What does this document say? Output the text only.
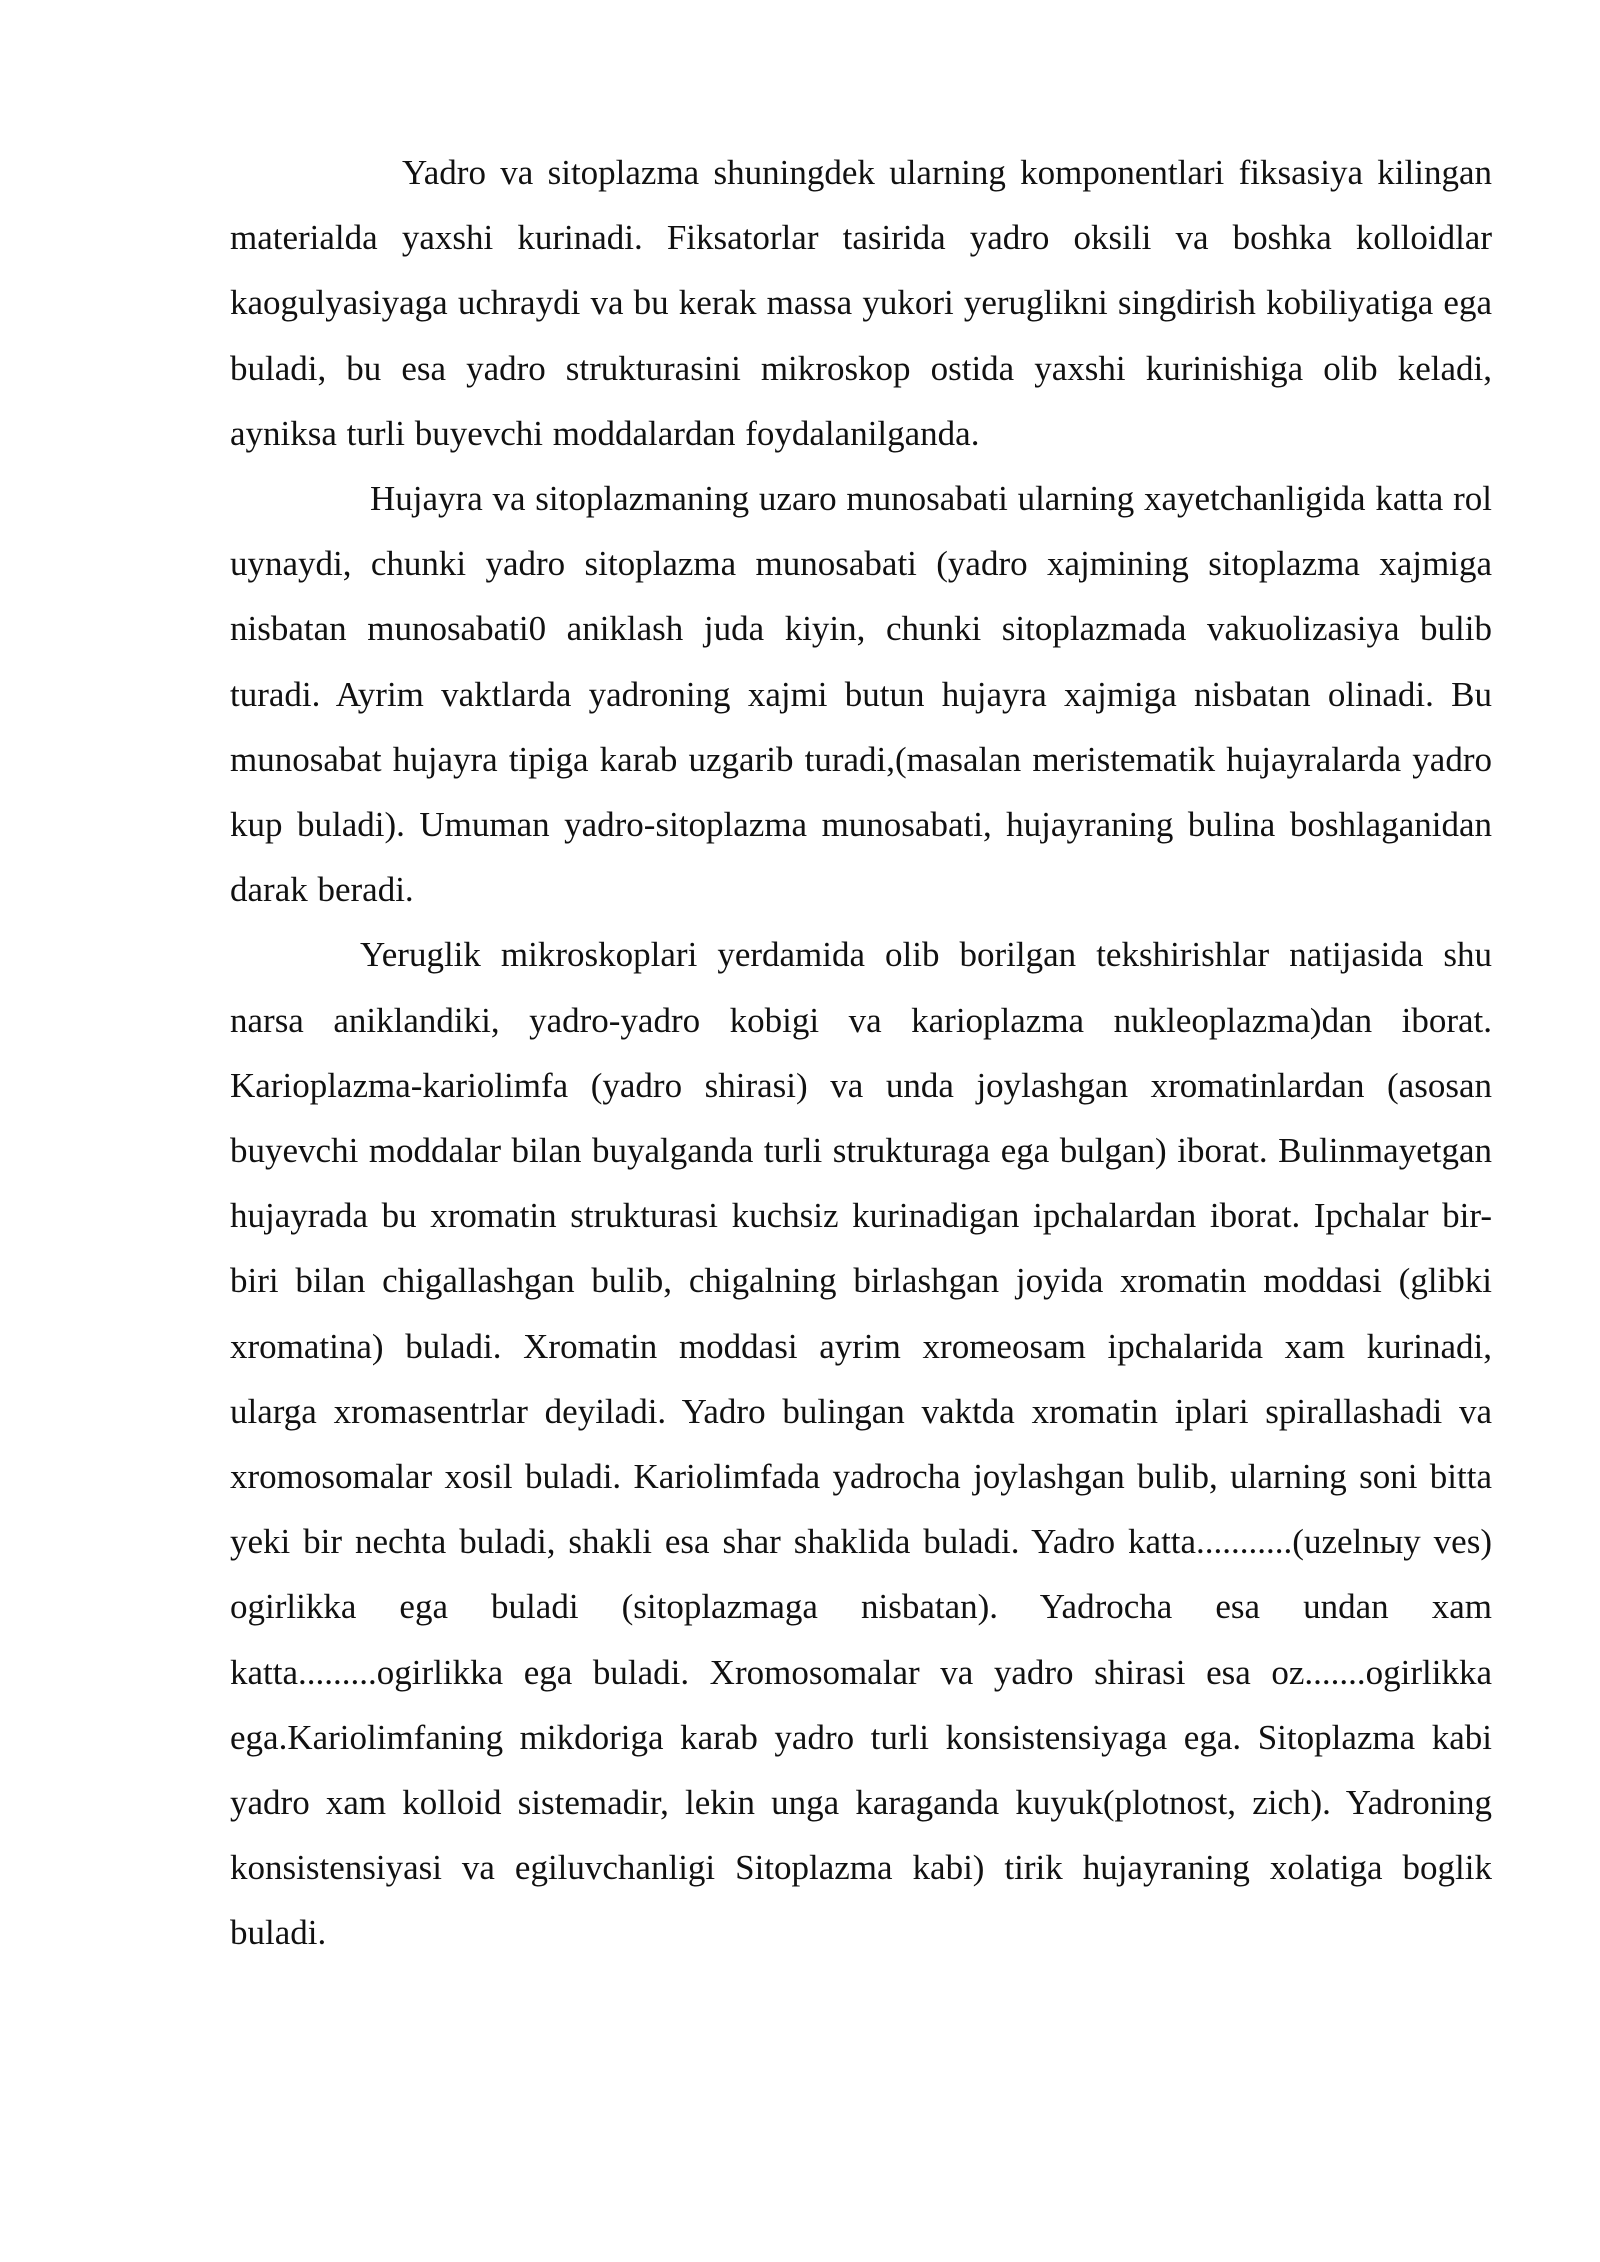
Yadro va sitoplazma shuningdek ularning komponentlari fiksasiya kilingan materialda yaxshi kurinadi. Fiksatorlar tasirida yadro oksili va boshka kolloidlar kaogulyasiyaga uchraydi va bu kerak massa yukori yeruglikni singdirish kobiliyatiga ega buladi, bu esa yadro strukturasini mikroskop ostida yaxshi kurinishiga olib keladi, ayniksa turli buyevchi moddalardan foydalanilganda.

Hujayra va sitoplazmaning uzaro munosabati ularning xayetchanligida katta rol uynaydi, chunki yadro sitoplazma munosabati (yadro xajmining sitoplazma xajmiga nisbatan munosabati0 aniklash juda kiyin, chunki sitoplazmada vakuolizasiya bulib turadi. Ayrim vaktlarda yadroning xajmi butun hujayra xajmiga nisbatan olinadi. Bu munosabat hujayra tipiga karab uzgarib turadi,(masalan meristematik hujayralarda yadro kup buladi). Umuman yadro-sitoplazma munosabati, hujayraning bulina boshlaganidan darak beradi.

Yeruglik mikroskoplari yerdamida olib borilgan tekshirishlar natijasida shu narsa aniklandiki, yadro-yadro kobigi va karioplazma nukleoplazma)dan iborat. Karioplazma-kariolimfa (yadro shirasi) va unda joylashgan xromatinlardan (asosan buyevchi moddalar bilan buyalganda turli strukturaga ega bulgan) iborat. Bulinmayetgan hujayrada bu xromatin strukturasi kuchsiz kurinadigan ipchalardan iborat. Ipchalar bir-biri bilan chigallashgan bulib, chigalning birlashgan joyida xromatin moddasi (glibki xromatina) buladi. Xromatin moddasi ayrim xromeosam ipchalarida xam kurinadi, ularga xromasentrlar deyiladi. Yadro bulingan vaktda xromatin iplari spirallashadi va xromosomalar xosil buladi. Kariolimfada yadrocha joylashgan bulib, ularning soni bitta yeki bir nechta buladi, shakli esa shar shaklida buladi. Yadro katta...........(uzelnыy ves) ogirlikka ega buladi (sitoplazmaga nisbatan). Yadrocha esa undan xam katta.........ogirlikka ega buladi. Xromosomalar va yadro shirasi esa oz.......ogirlikka ega.Kariolimfaning mikdoriga karab yadro turli konsistensiyaga ega. Sitoplazma kabi yadro xam kolloid sistemadir, lekin unga karaganda kuyuk(plotnost, zich). Yadroning konsistensiyasi va egiluvchanligi Sitoplazma kabi) tirik hujayraning xolatiga boglik buladi.
